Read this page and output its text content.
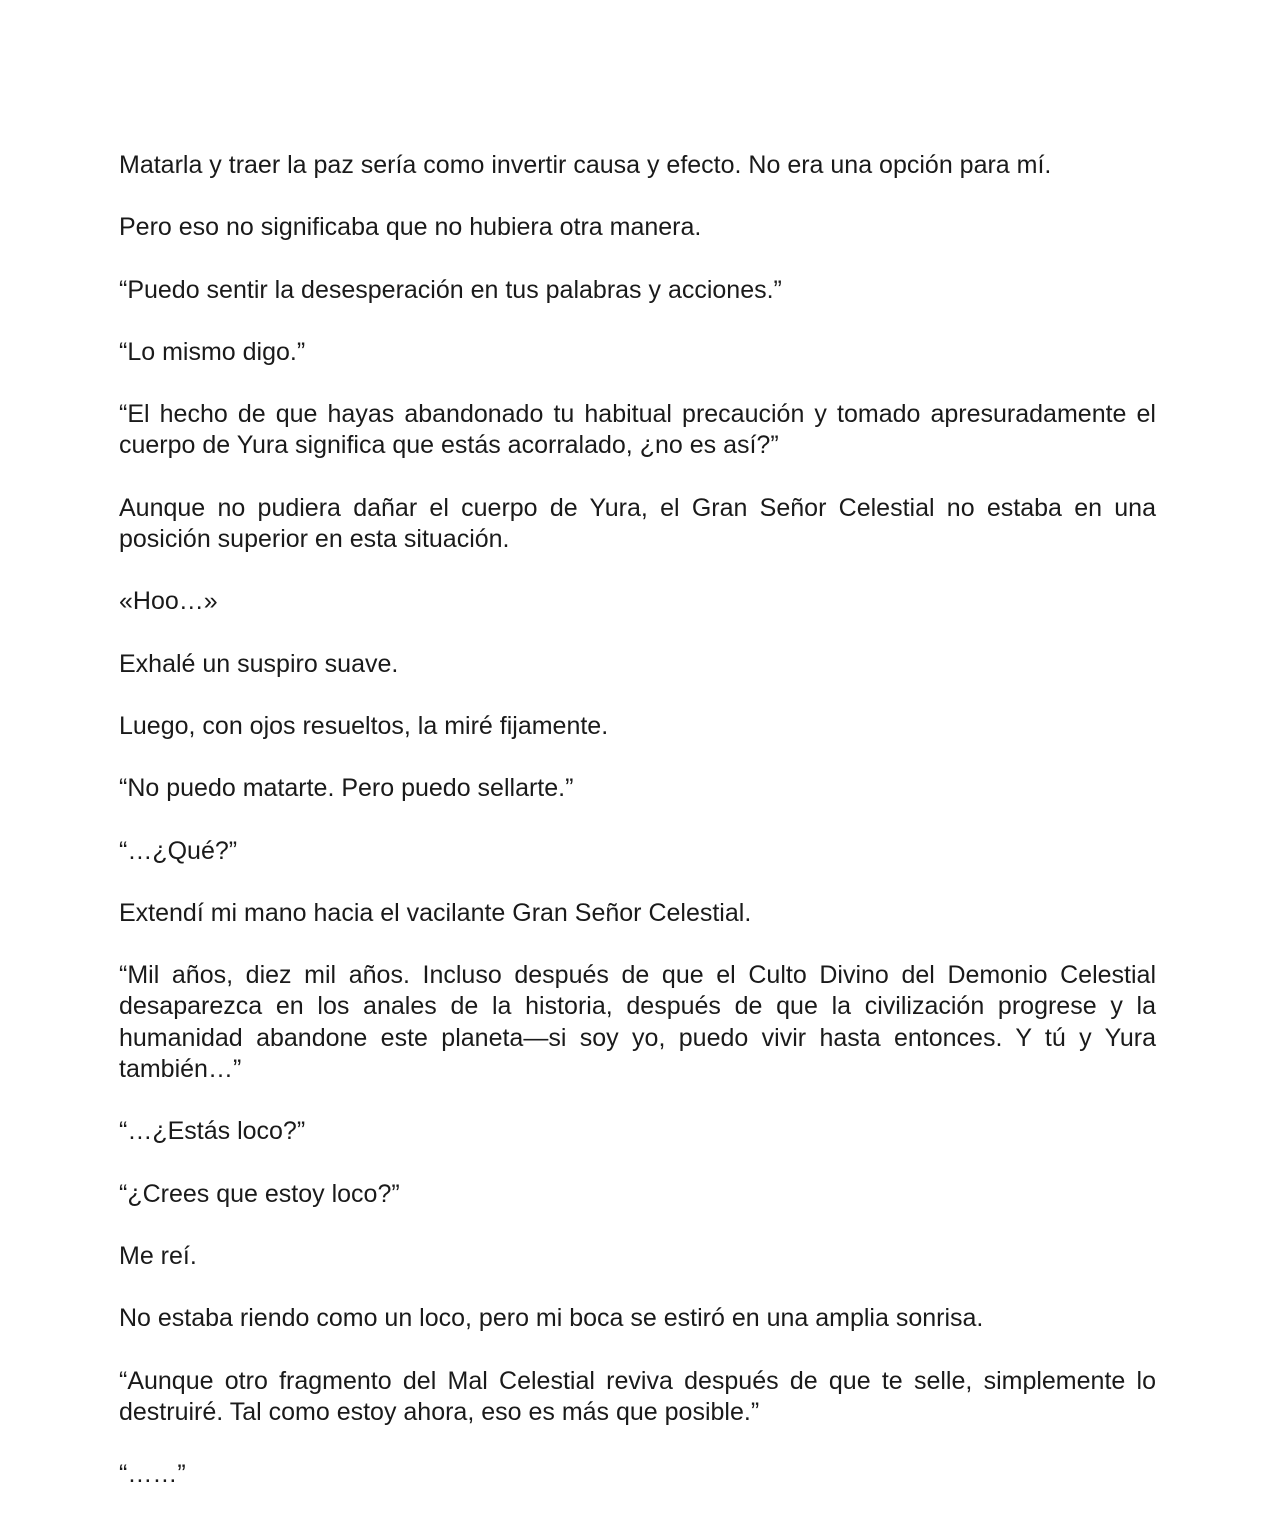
Matarla y traer la paz sería como invertir causa y efecto. No era una opción para mí.

Pero eso no significaba que no hubiera otra manera.

“Puedo sentir la desesperación en tus palabras y acciones.”

“Lo mismo digo.”

“El hecho de que hayas abandonado tu habitual precaución y tomado apresuradamente el cuerpo de Yura significa que estás acorralado, ¿no es así?”

Aunque no pudiera dañar el cuerpo de Yura, el Gran Señor Celestial no estaba en una posición superior en esta situación.

«Hoo…»

Exhalé un suspiro suave.

Luego, con ojos resueltos, la miré fijamente.

“No puedo matarte. Pero puedo sellarte.”

“…¿Qué?”

Extendí mi mano hacia el vacilante Gran Señor Celestial.

“Mil años, diez mil años. Incluso después de que el Culto Divino del Demonio Celestial desaparezca en los anales de la historia, después de que la civilización progrese y la humanidad abandone este planeta—si soy yo, puedo vivir hasta entonces. Y tú y Yura también…”

“…¿Estás loco?”

“¿Crees que estoy loco?”

Me reí.

No estaba riendo como un loco, pero mi boca se estiró en una amplia sonrisa.

“Aunque otro fragmento del Mal Celestial reviva después de que te selle, simplemente lo destruiré. Tal como estoy ahora, eso es más que posible.”

“……”
